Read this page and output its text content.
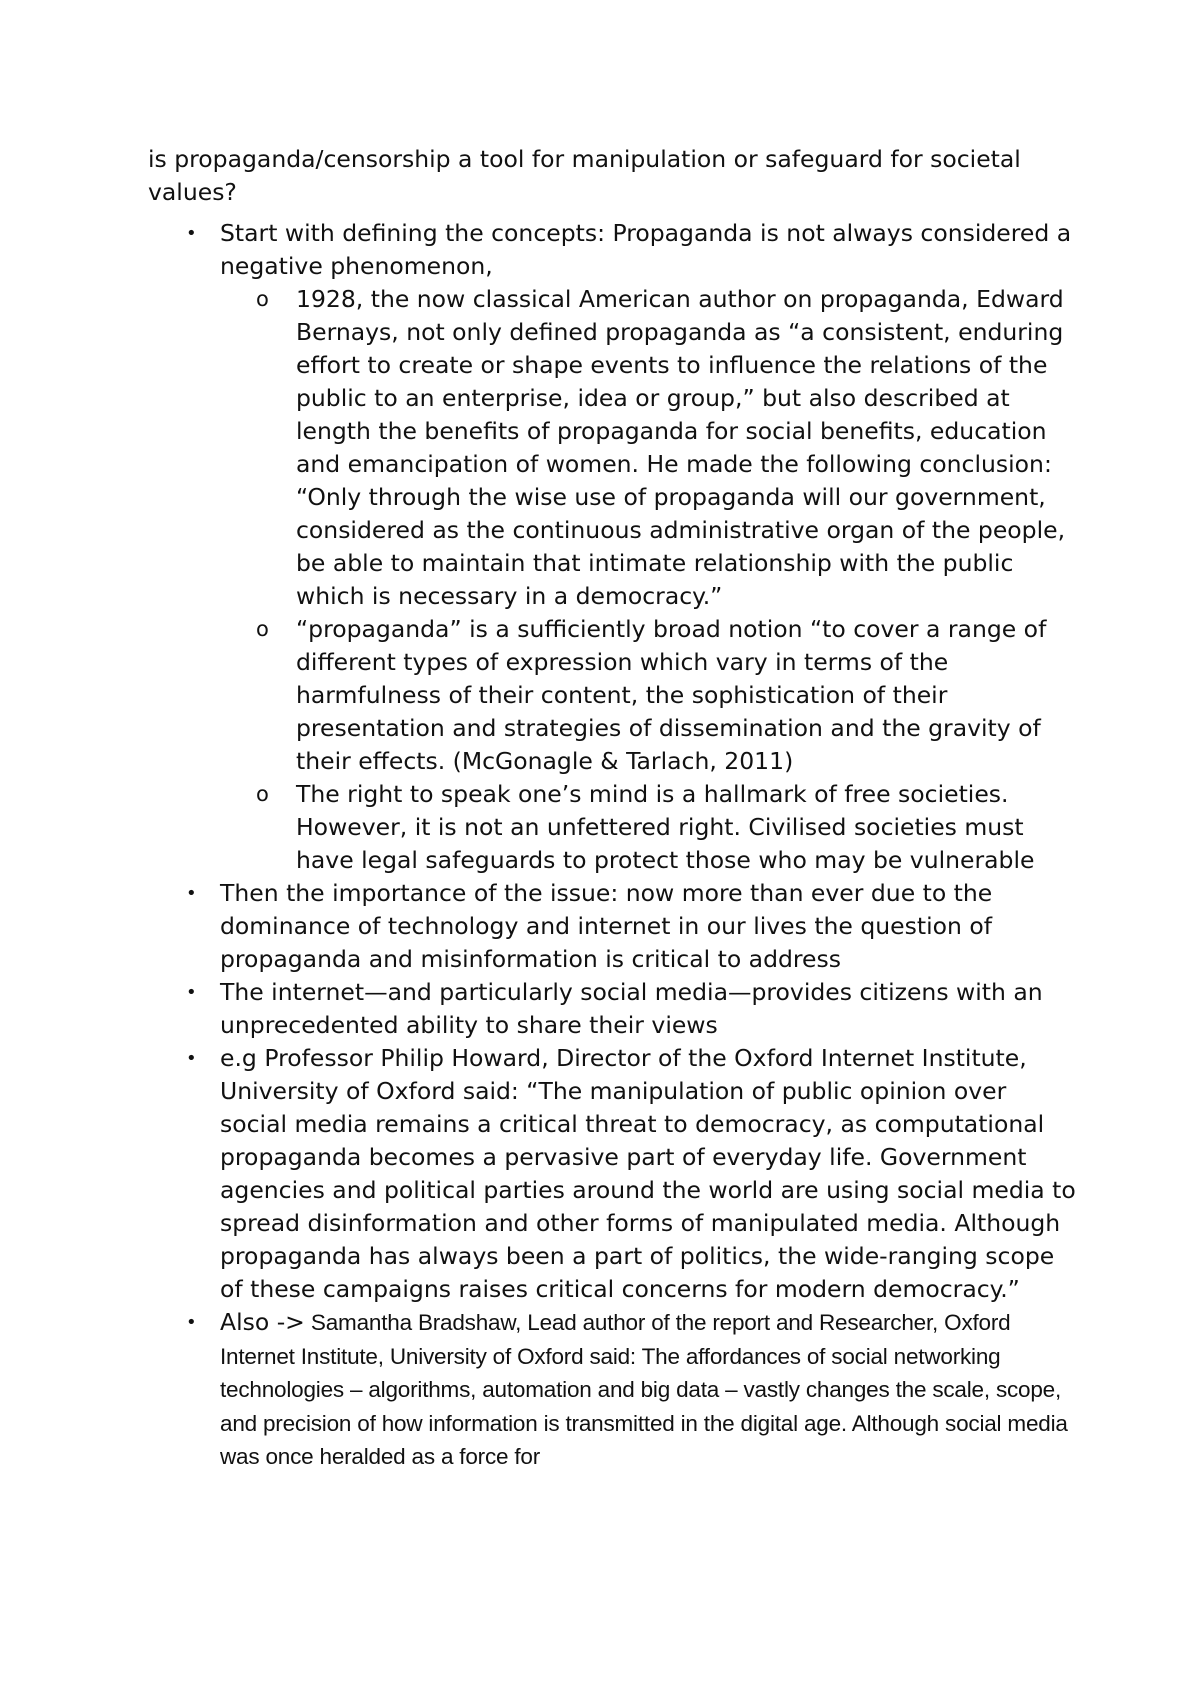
is propaganda/censorship a tool for manipulation or safeguard for societal values?

• Start with defining the concepts: Propaganda is not always considered a negative phenomenon,
o 1928, the now classical American author on propaganda, Edward Bernays, not only defined propaganda as “a consistent, enduring effort to create or shape events to influence the relations of the public to an enterprise, idea or group,” but also described at length the benefits of propaganda for social benefits, education and emancipation of women. He made the following conclusion: “Only through the wise use of propaganda will our government, considered as the continuous administrative organ of the people, be able to maintain that intimate relationship with the public which is necessary in a democracy.”
o “propaganda” is a sufficiently broad notion “to cover a range of different types of expression which vary in terms of the harmfulness of their content, the sophistication of their presentation and strategies of dissemination and the gravity of their effects. (McGonagle & Tarlach, 2011)
o The right to speak one’s mind is a hallmark of free societies. However, it is not an unfettered right. Civilised societies must have legal safeguards to protect those who may be vulnerable
• Then the importance of the issue: now more than ever due to the dominance of technology and internet in our lives the question of propaganda and misinformation is critical to address
• The internet—and particularly social media—provides citizens with an unprecedented ability to share their views
• e.g Professor Philip Howard, Director of the Oxford Internet Institute, University of Oxford said: “The manipulation of public opinion over social media remains a critical threat to democracy, as computational propaganda becomes a pervasive part of everyday life. Government agencies and political parties around the world are using social media to spread disinformation and other forms of manipulated media. Although propaganda has always been a part of politics, the wide-ranging scope of these campaigns raises critical concerns for modern democracy.”
• Also -> Samantha Bradshaw, Lead author of the report and Researcher, Oxford Internet Institute, University of Oxford said: The affordances of social networking technologies – algorithms, automation and big data – vastly changes the scale, scope, and precision of how information is transmitted in the digital age. Although social media was once heralded as a force for
